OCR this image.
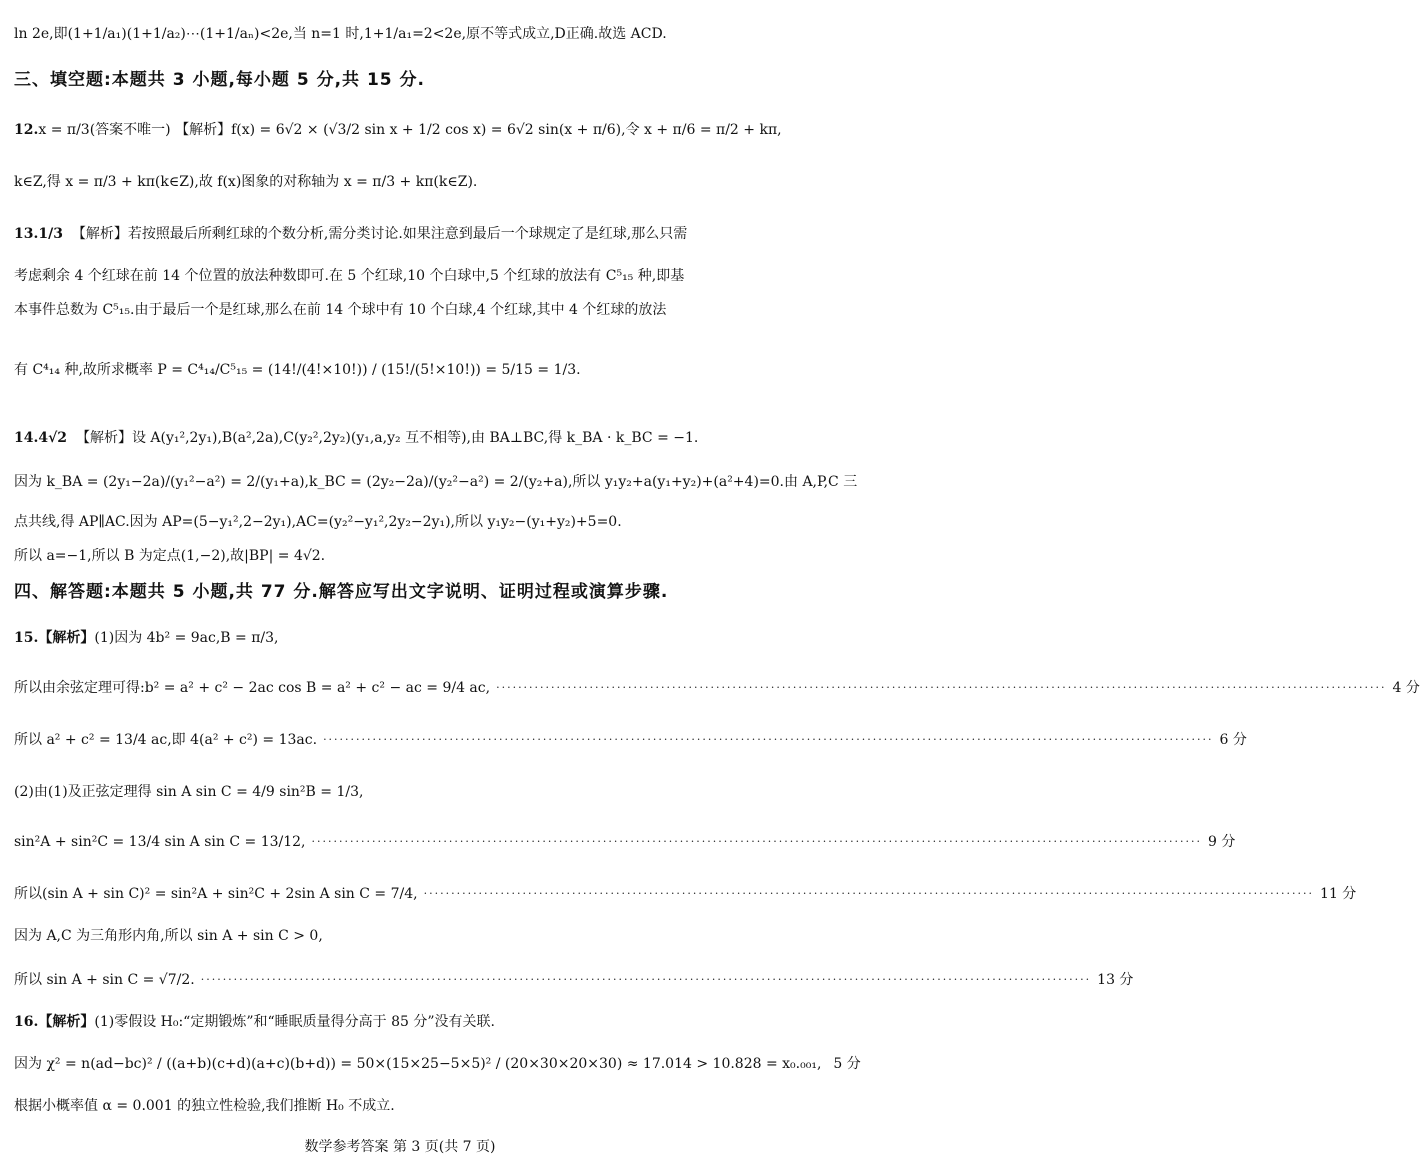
ln 2e,即(1+1/a₁)(1+1/a₂)⋯(1+1/aₙ)<2e,当 n=1 时,1+1/a₁=2<2e,原不等式成立,D正确.故选 ACD.
三、填空题:本题共 3 小题,每小题 5 分,共 15 分.
12.x = π/3(答案不唯一) 【解析】f(x) = 6√2 × (√3/2 sin x + 1/2 cos x) = 6√2 sin(x + π/6),令 x + π/6 = π/2 + kπ,
k∈Z,得 x = π/3 + kπ(k∈Z),故 f(x)图象的对称轴为 x = π/3 + kπ(k∈Z).
13.1/3 【解析】若按照最后所剩红球的个数分析,需分类讨论.如果注意到最后一个球规定了是红球,那么只需
考虑剩余 4 个红球在前 14 个位置的放法种数即可.在 5 个红球,10 个白球中,5 个红球的放法有 C⁵₁₅ 种,即基
本事件总数为 C⁵₁₅.由于最后一个是红球,那么在前 14 个球中有 10 个白球,4 个红球,其中 4 个红球的放法
有 C⁴₁₄ 种,故所求概率 P = C⁴₁₄/C⁵₁₅ = (14!/(4!×10!)) / (15!/(5!×10!)) = 5/15 = 1/3.
14.4√2 【解析】设 A(y₁²,2y₁),B(a²,2a),C(y₂²,2y₂)(y₁,a,y₂ 互不相等),由 BA⊥BC,得 k_BA · k_BC = −1.
因为 k_BA = (2y₁−2a)/(y₁²−a²) = 2/(y₁+a),k_BC = (2y₂−2a)/(y₂²−a²) = 2/(y₂+a),所以 y₁y₂+a(y₁+y₂)+(a²+4)=0.由 A,P,C 三
点共线,得 AP∥AC.因为 AP=(5−y₁²,2−2y₁),AC=(y₂²−y₁²,2y₂−2y₁),所以 y₁y₂−(y₁+y₂)+5=0.
所以 a=−1,所以 B 为定点(1,−2),故|BP| = 4√2.
四、解答题:本题共 5 小题,共 77 分.解答应写出文字说明、证明过程或演算步骤.
15.【解析】(1)因为 4b² = 9ac,B = π/3,
所以由余弦定理可得:b² = a² + c² − 2ac cos B = a² + c² − ac = 9/4 ac, ·····	4 分
所以 a² + c² = 13/4 ac,即 4(a² + c²) = 13ac. ·····	6 分
(2)由(1)及正弦定理得 sin A sin C = 4/9 sin²B = 1/3,
sin²A + sin²C = 13/4 sin A sin C = 13/12, ·····	9 分
所以(sin A + sin C)² = sin²A + sin²C + 2sin A sin C = 7/4, ·····	11 分
因为 A,C 为三角形内角,所以 sin A + sin C > 0,
所以 sin A + sin C = √7/2. ·····	13 分
16.【解析】(1)零假设 H₀:“定期锻炼”和“睡眠质量得分高于 85 分”没有关联.
因为 χ² = n(ad−bc)² / ((a+b)(c+d)(a+c)(b+d)) = 50×(15×25−5×5)² / (20×30×20×30) ≈ 17.014 > 10.828 = x₀.₀₀₁, 5 分
根据小概率值 α = 0.001 的独立性检验,我们推断 H₀ 不成立.
数学参考答案 第 3 页(共 7 页)
